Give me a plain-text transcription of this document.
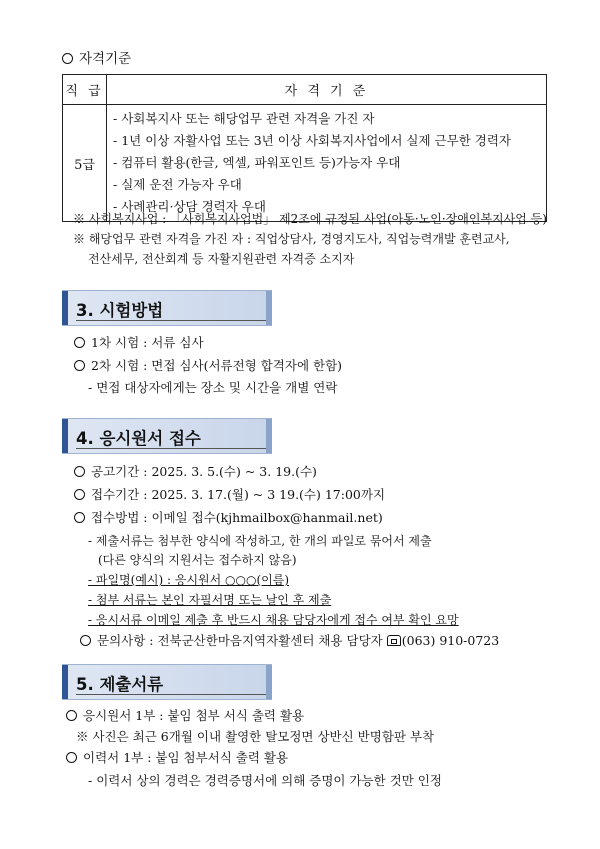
자격기준
직 급	자 격 기 준
5급	- 사회복지사 또는 해당업무 관련 자격을 가진 자
- 1년 이상 자활사업 또는 3년 이상 사회복지사업에서 실제 근무한 경력자
- 컴퓨터 활용(한글, 엑셀, 파워포인트 등)가능자 우대
- 실제 운전 가능자 우대
- 사례관리·상담 경력자 우대
※ 사회복지사업 : 「사회복지사업법」 제2조에 규정된 사업(아동·노인·장애인복지사업 등)
※ 해당업무 관련 자격을 가진 자 : 직업상담사, 경영지도사, 직업능력개발 훈련교사,
전산세무, 전산회계 등 자활지원관련 자격증 소지자
3. 시험방법
1차 시험 : 서류 심사
2차 시험 : 면접 심사(서류전형 합격자에 한함)
- 면접 대상자에게는 장소 및 시간을 개별 연락
4. 응시원서 접수
공고기간 : 2025. 3. 5.(수) ~ 3. 19.(수)
접수기간 : 2025. 3. 17.(월) ~ 3 19.(수) 17:00까지
접수방법 : 이메일 접수(kjhmailbox@hanmail.net)
- 제출서류는 첨부한 양식에 작성하고, 한 개의 파일로 묶어서 제출
(다른 양식의 지원서는 접수하지 않음)
- 파일명(예시) : 응시원서 ○○○(이름)
- 첨부 서류는 본인 자필서명 또는 날인 후 제출
- 응시서류 이메일 제출 후 반드시 채용 담당자에게 접수 여부 확인 요망
문의사항 : 전북군산한마음지역자활센터 채용 담당자 (063) 910-0723
5. 제출서류
응시원서 1부 : 붙임 첨부 서식 출력 활용
※ 사진은 최근 6개월 이내 촬영한 탈모정면 상반신 반명함판 부착
이력서 1부 : 붙임 첨부서식 출력 활용
- 이력서 상의 경력은 경력증명서에 의해 증명이 가능한 것만 인정
